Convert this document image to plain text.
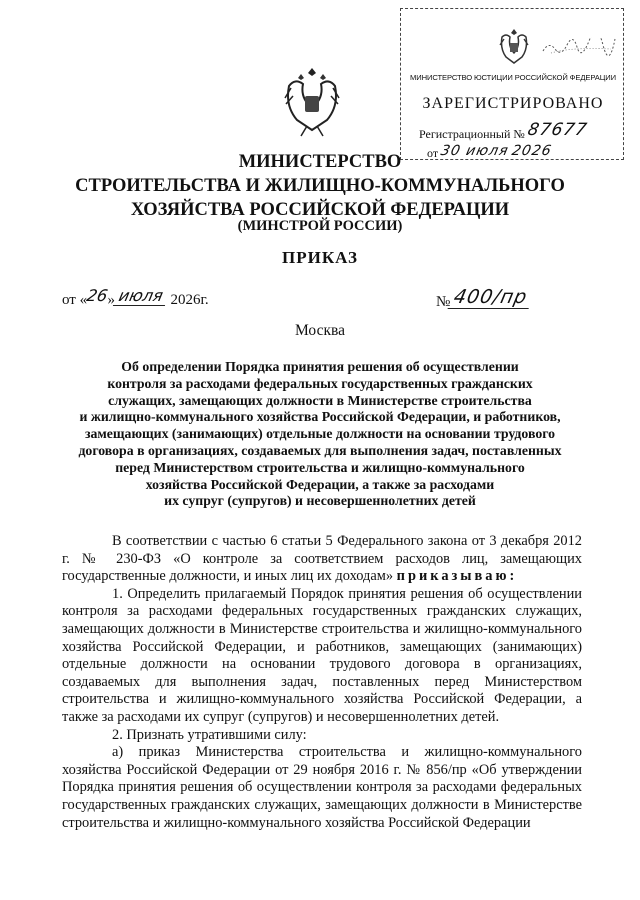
МИНИСТЕРСТВО ЮСТИЦИИ РОССИЙСКОЙ ФЕДЕРАЦИИ
ЗАРЕГИСТРИРОВАНО
Регистрационный № 87677
от 30 июля 2026
МИНИСТЕРСТВО
СТРОИТЕЛЬСТВА И ЖИЛИЩНО-КОММУНАЛЬНОГО
ХОЗЯЙСТВА РОССИЙСКОЙ ФЕДЕРАЦИИ
(МИНСТРОЙ РОССИИ)
ПРИКАЗ
от «26» июля 2026г.	№400/пр
Москва
Об определении Порядка принятия решения об осуществлении
контроля за расходами федеральных государственных гражданских
служащих, замещающих должности в Министерстве строительства
и жилищно-коммунального хозяйства Российской Федерации, и работников,
замещающих (занимающих) отдельные должности на основании трудового
договора в организациях, создаваемых для выполнения задач, поставленных
перед Министерством строительства и жилищно-коммунального
хозяйства Российской Федерации, а также за расходами
их супруг (супругов) и несовершеннолетних детей

В соответствии с частью 6 статьи 5 Федерального закона от 3 декабря 2012 г. № 230-ФЗ «О контроле за соответствием расходов лиц, замещающих государственные должности, и иных лиц их доходам» приказываю:

1. Определить прилагаемый Порядок принятия решения об осуществлении контроля за расходами федеральных государственных гражданских служащих, замещающих должности в Министерстве строительства и жилищно-коммунального хозяйства Российской Федерации, и работников, замещающих (занимающих) отдельные должности на основании трудового договора в организациях, создаваемых для выполнения задач, поставленных перед Министерством строительства и жилищно-коммунального хозяйства Российской Федерации, а также за расходами их супруг (супругов) и несовершеннолетних детей.

2. Признать утратившими силу:

а) приказ Министерства строительства и жилищно-коммунального хозяйства Российской Федерации от 29 ноября 2016 г. № 856/пр «Об утверждении Порядка принятия решения об осуществлении контроля за расходами федеральных государственных гражданских служащих, замещающих должности в Министерстве строительства и жилищно-коммунального хозяйства Российской Федерации
